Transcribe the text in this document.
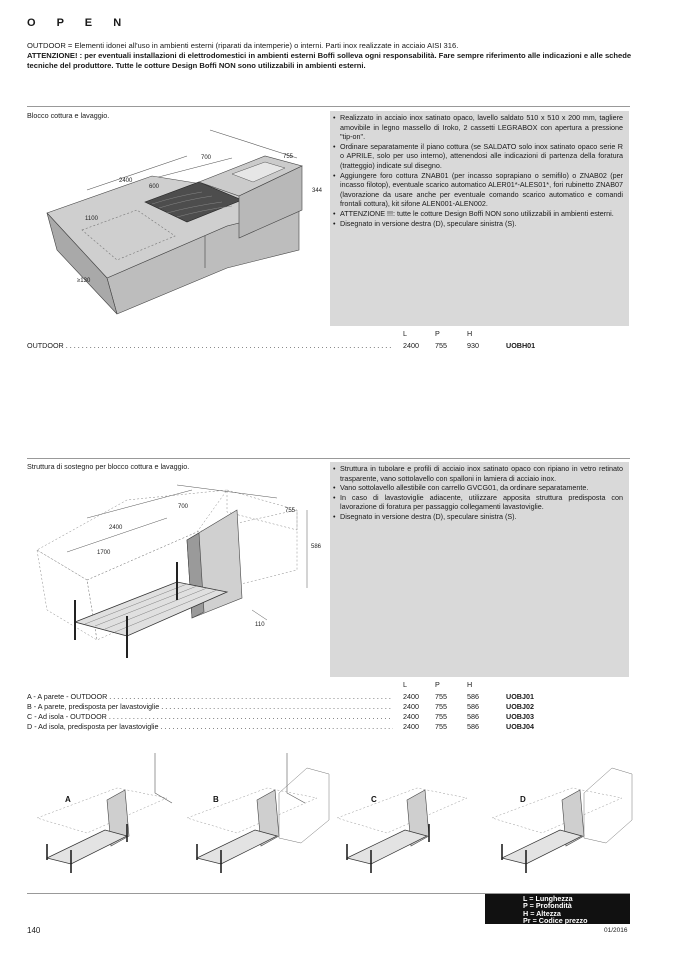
O P E N
OUTDOOR = Elementi idonei all'uso in ambienti esterni (riparati da intemperie) o interni. Parti inox realizzate in acciaio AISI 316.
ATTENZIONE! : per eventuali installazioni di elettrodomestici in ambienti esterni Boffi solleva ogni responsabilità. Fare sempre riferimento alle indicazioni e alle schede tecniche del produttore. Tutte le cotture Design Boffi NON sono utilizzabili in ambienti esterni.
Blocco cottura e lavaggio.
700	755
2400
600
344
1100
≥130
• Realizzato in acciaio inox satinato opaco, lavello saldato 510 x 510 x 200 mm, tagliere amovibile in legno massello di Iroko, 2 cassetti LEGRABOX con apertura a pressione "tip-on".
• Ordinare separatamente il piano cottura (se SALDATO solo inox satinato opaco serie R o APRILE, solo per uso interno), attenendosi alle indicazioni di partenza della foratura (tratteggio) indicate sul disegno.
• Aggiungere foro cottura ZNAB01 (per incasso soprapiano o semifilo) o ZNAB02 (per incasso filotop), eventuale scarico automatico ALER01*-ALES01*, fori rubinetto ZNAB07 (lavorazione da usare anche per eventuale comando scarico automatico e comandi frontali cottura), kit sifone ALEN001-ALEN002.
• ATTENZIONE !!!: tutte le cotture Design Boffi NON sono utilizzabili in ambienti esterni.
• Disegnato in versione destra (D), speculare sinistra (S).
L	P	H
OUTDOOR . . .	2400 755	930	UOBH01
Struttura di sostegno per blocco cottura e lavaggio.
700
755
2400
1700
586
110
• Struttura in tubolare e profili di acciaio inox satinato opaco con ripiano in vetro retinato trasparente, vano sottolavello con spalloni in lamiera di acciaio inox.
• Vano sottolavello allestibile con carrello GVCG01, da ordinare separatamente.
• In caso di lavastoviglie adiacente, utilizzare apposita struttura predisposta con lavorazione di foratura per passaggio collegamenti lavastoviglie.
• Disegnato in versione destra (D), speculare sinistra (S).
L	P	H
A - A parete - OUTDOOR . . .	2400 755	586	UOBJ01
B - A parete, predisposta per lavastoviglie . . .	2400 755	586	UOBJ02
C - Ad isola - OUTDOOR . . .	2400 755	586	UOBJ03
D - Ad isola, predisposta per lavastoviglie . . .	2400 755	586	UOBJ04
A	B	C	D
L = Lunghezza
P = Profondità
H = Altezza
Pr = Codice prezzo
140	01/2016
